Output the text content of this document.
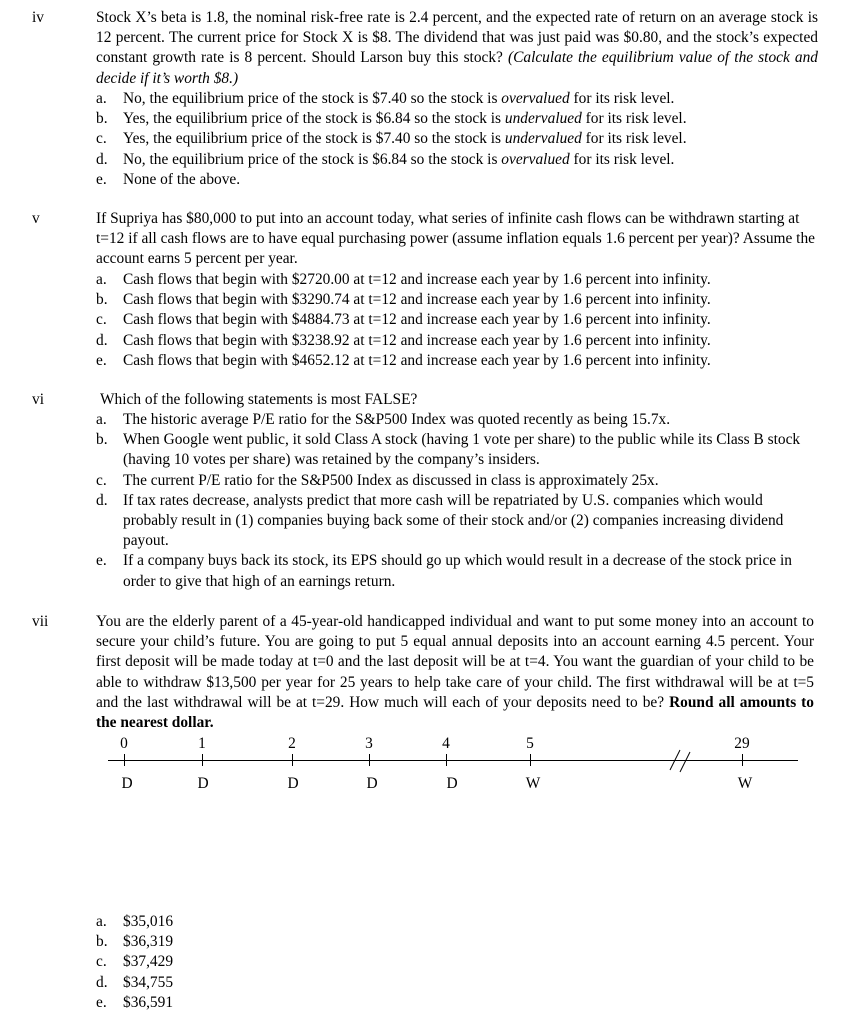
iv	Stock X’s beta is 1.8, the nominal risk-free rate is 2.4 percent, and the expected rate of return on an average stock is 12 percent. The current price for Stock X is $8. The dividend that was just paid was $0.80, and the stock’s expected constant growth rate is 8 percent. Should Larson buy this stock? (Calculate the equilibrium value of the stock and decide if it’s worth $8.)
a.	No, the equilibrium price of the stock is $7.40 so the stock is overvalued for its risk level.
b.	Yes, the equilibrium price of the stock is $6.84 so the stock is undervalued for its risk level.
c.	Yes, the equilibrium price of the stock is $7.40 so the stock is undervalued for its risk level.
d.	No, the equilibrium price of the stock is $6.84 so the stock is overvalued for its risk level.
e.	None of the above.
v	If Supriya has $80,000 to put into an account today, what series of infinite cash flows can be withdrawn starting at t=12 if all cash flows are to have equal purchasing power (assume inflation equals 1.6 percent per year)? Assume the account earns 5 percent per year.
a.	Cash flows that begin with $2720.00 at t=12 and increase each year by 1.6 percent into infinity.
b.	Cash flows that begin with $3290.74 at t=12 and increase each year by 1.6 percent into infinity.
c.	Cash flows that begin with $4884.73 at t=12 and increase each year by 1.6 percent into infinity.
d.	Cash flows that begin with $3238.92 at t=12 and increase each year by 1.6 percent into infinity.
e.	Cash flows that begin with $4652.12 at t=12 and increase each year by 1.6 percent into infinity.
vi	Which of the following statements is most FALSE?
a.	The historic average P/E ratio for the S&P500 Index was quoted recently as being 15.7x.
b.	When Google went public, it sold Class A stock (having 1 vote per share) to the public while its Class B stock (having 10 votes per share) was retained by the company’s insiders.
c.	The current P/E ratio for the S&P500 Index as discussed in class is approximately 25x.
d.	If tax rates decrease, analysts predict that more cash will be repatriated by U.S. companies which would probably result in (1) companies buying back some of their stock and/or (2) companies increasing dividend payout.
e.	If a company buys back its stock, its EPS should go up which would result in a decrease of the stock price in order to give that high of an earnings return.
vii	You are the elderly parent of a 45-year-old handicapped individual and want to put some money into an account to secure your child’s future. You are going to put 5 equal annual deposits into an account earning 4.5 percent. Your first deposit will be made today at t=0 and the last deposit will be at t=4. You want the guardian of your child to be able to withdraw $13,500 per year for 25 years to help take care of your child. The first withdrawal will be at t=5 and the last withdrawal will be at t=29. How much will each of your deposits need to be? Round all amounts to the nearest dollar.
0	1	2	3	4	5	29
D	D	D	D	D	W	W
a.	$35,016
b.	$36,319
c.	$37,429
d.	$34,755
e.	$36,591
